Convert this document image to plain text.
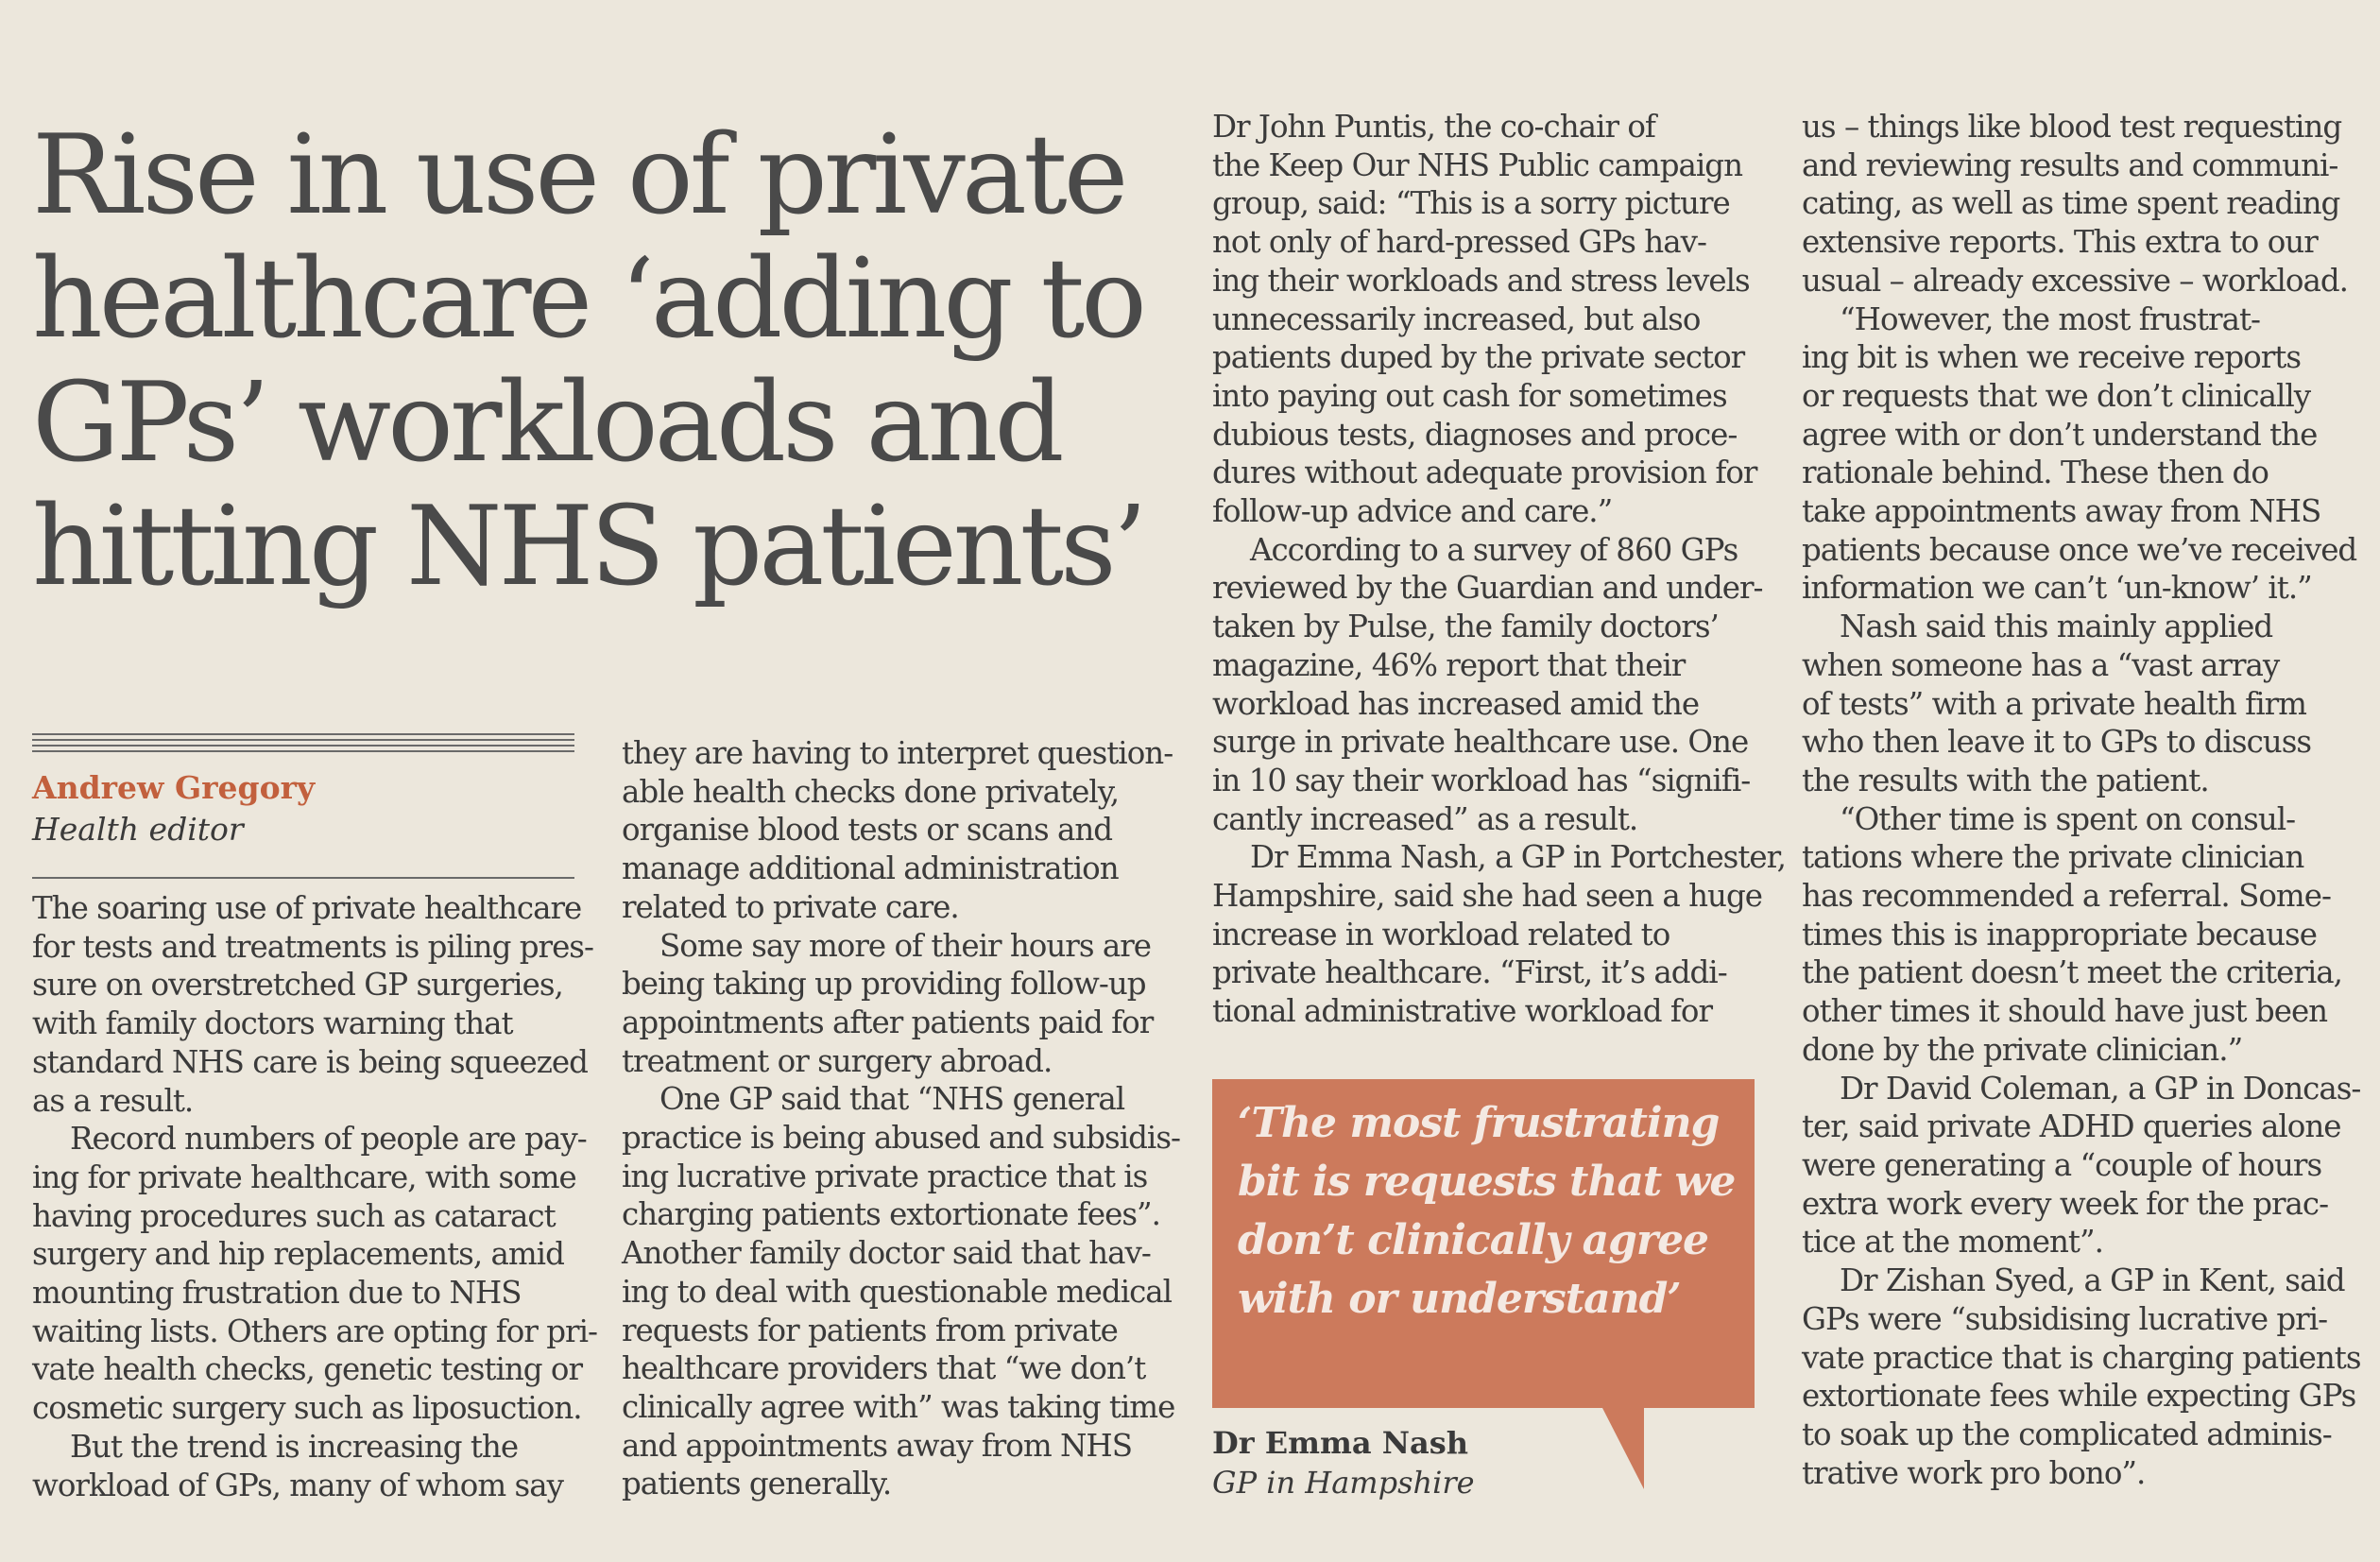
Rise in use of private
healthcare ‘adding to
GPs’ workloads and
hitting NHS patients’
Andrew Gregory
Health editor
The soaring use of private healthcare
for tests and treatments is piling pres-
sure on overstretched GP surgeries,
with family doctors warning that
standard NHS care is being squeezed
as a result.
Record numbers of people are pay-
ing for private healthcare, with some
having procedures such as cataract
surgery and hip replacements, amid
mounting frustration due to NHS
waiting lists. Others are opting for pri-
vate health checks, genetic testing or
cosmetic surgery such as liposuction.
But the trend is increasing the
workload of GPs, many of whom say
they are having to interpret question-
able health checks done privately,
organise blood tests or scans and
manage additional administration
related to private care.
Some say more of their hours are
being taking up providing follow-up
appointments after patients paid for
treatment or surgery abroad.
One GP said that “NHS general
practice is being abused and subsidis-
ing lucrative private practice that is
charging patients extortionate fees”.
Another family doctor said that hav-
ing to deal with questionable medical
requests for patients from private
healthcare providers that “we don’t
clinically agree with” was taking time
and appointments away from NHS
patients generally.
Dr John Puntis, the co-chair of
the Keep Our NHS Public campaign
group, said: “This is a sorry picture
not only of hard-pressed GPs hav-
ing their workloads and stress levels
unnecessarily increased, but also
patients duped by the private sector
into paying out cash for sometimes
dubious tests, diagnoses and proce-
dures without adequate provision for
follow-up advice and care.”
According to a survey of 860 GPs
reviewed by the Guardian and under-
taken by Pulse, the family doctors’
magazine, 46% report that their
workload has increased amid the
surge in private healthcare use. One
in 10 say their workload has “signifi-
cantly increased” as a result.
Dr Emma Nash, a GP in Portchester,
Hampshire, said she had seen a huge
increase in workload related to
private healthcare. “First, it’s addi-
tional administrative workload for
us – things like blood test requesting
and reviewing results and communi-
cating, as well as time spent reading
extensive reports. This extra to our
usual – already excessive – workload.
“However, the most frustrat-
ing bit is when we receive reports
or requests that we don’t clinically
agree with or don’t understand the
rationale behind. These then do
take appointments away from NHS
patients because once we’ve received
information we can’t ‘un-know’ it.”
Nash said this mainly applied
when someone has a “vast array
of tests” with a private health firm
who then leave it to GPs to discuss
the results with the patient.
“Other time is spent on consul-
tations where the private clinician
has recommended a referral. Some-
times this is inappropriate because
the patient doesn’t meet the criteria,
other times it should have just been
done by the private clinician.”
Dr David Coleman, a GP in Doncas-
ter, said private ADHD queries alone
were generating a “couple of hours
extra work every week for the prac-
tice at the moment”.
Dr Zishan Syed, a GP in Kent, said
GPs were “subsidising lucrative pri-
vate practice that is charging patients
extortionate fees while expecting GPs
to soak up the complicated adminis-
trative work pro bono”.
‘The most frustrating
bit is requests that we
don’t clinically agree
with or understand’
Dr Emma Nash
GP in Hampshire
